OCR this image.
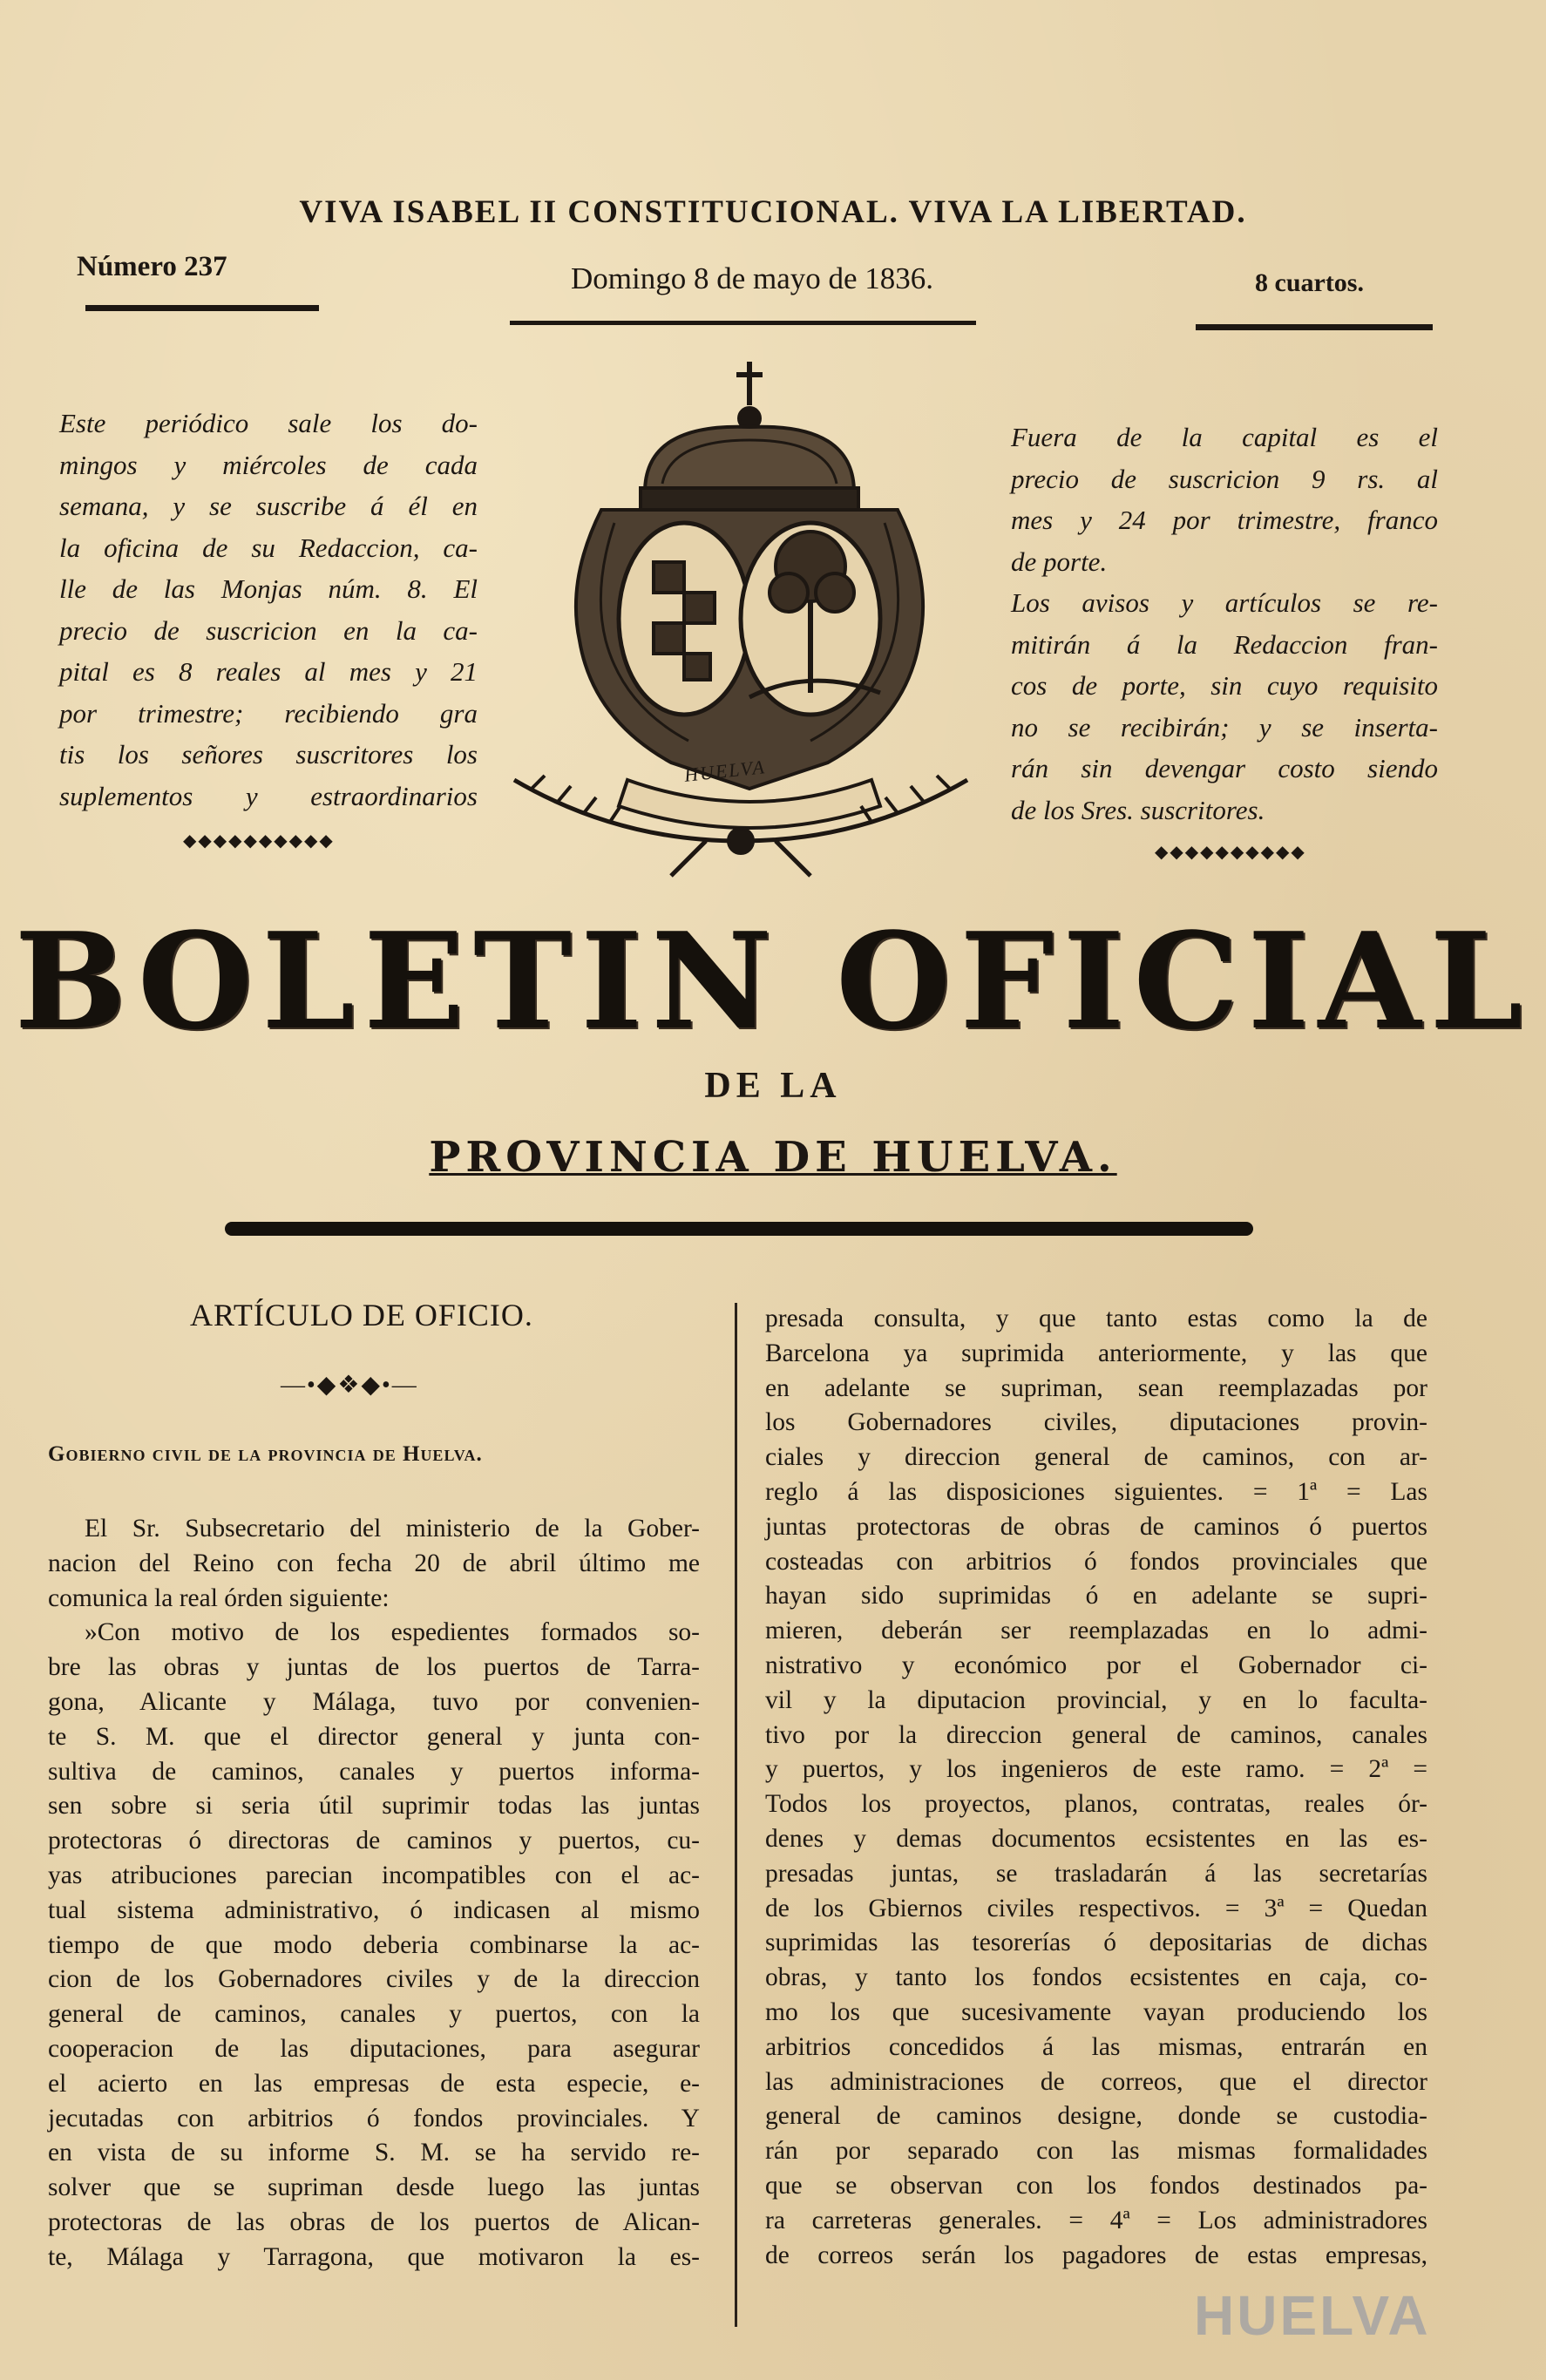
VIVA ISABEL II CONSTITUCIONAL. VIVA LA LIBERTAD.
Número 237	Domingo 8 de mayo de 1836.	8 cuartos.
Este periódico sale los do-
mingos y miércoles de cada
semana, y se suscribe á él en
la oficina de su Redaccion, ca-
lle de las Monjas núm. 8. El
precio de suscricion en la ca-
pital es 8 reales al mes y 21
por trimestre; recibiendo gra
tis los señores suscritores los
suplementos y estraordinarios
◆◆◆◆◆◆◆◆◆◆
Fuera de la capital es el
precio de suscricion 9 rs. al
mes y 24 por trimestre, franco
de porte.
Los avisos y artículos se re-
mitirán á la Redaccion fran-
cos de porte, sin cuyo requisito
no se recibirán; y se inserta-
rán sin devengar costo siendo
de los Sres. suscritores.
◆◆◆◆◆◆◆◆◆◆
HUELVA
BOLETIN OFICIAL
DE LA
PROVINCIA DE HUELVA.
ARTÍCULO DE OFICIO.
—•◆❖◆•—
Gobierno civil de la provincia de Huelva.
El Sr. Subsecretario del ministerio de la Gober-
nacion del Reino con fecha 20 de abril último me
comunica la real órden siguiente:
»Con motivo de los espedientes formados so-
bre las obras y juntas de los puertos de Tarra-
gona, Alicante y Málaga, tuvo por convenien-
te S. M. que el director general y junta con-
sultiva de caminos, canales y puertos informa-
sen sobre si seria útil suprimir todas las juntas
protectoras ó directoras de caminos y puertos, cu-
yas atribuciones parecian incompatibles con el ac-
tual sistema administrativo, ó indicasen al mismo
tiempo de que modo deberia combinarse la ac-
cion de los Gobernadores civiles y de la direccion
general de caminos, canales y puertos, con la
cooperacion de las diputaciones, para asegurar
el acierto en las empresas de esta especie, e-
jecutadas con arbitrios ó fondos provinciales. Y
en vista de su informe S. M. se ha servido re-
solver que se supriman desde luego las juntas
protectoras de las obras de los puertos de Alican-
te, Málaga y Tarragona, que motivaron la es-
presada consulta, y que tanto estas como la de
Barcelona ya suprimida anteriormente, y las que
en adelante se supriman, sean reemplazadas por
los Gobernadores civiles, diputaciones provin-
ciales y direccion general de caminos, con ar-
reglo á las disposiciones siguientes. = 1ª = Las
juntas protectoras de obras de caminos ó puertos
costeadas con arbitrios ó fondos provinciales que
hayan sido suprimidas ó en adelante se supri-
mieren, deberán ser reemplazadas en lo admi-
nistrativo y económico por el Gobernador ci-
vil y la diputacion provincial, y en lo faculta-
tivo por la direccion general de caminos, canales
y puertos, y los ingenieros de este ramo. = 2ª =
Todos los proyectos, planos, contratas, reales ór-
denes y demas documentos ecsistentes en las es-
presadas juntas, se trasladarán á las secretarías
de los Gbiernos civiles respectivos. = 3ª = Quedan
suprimidas las tesorerías ó depositarias de dichas
obras, y tanto los fondos ecsistentes en caja, co-
mo los que sucesivamente vayan produciendo los
arbitrios concedidos á las mismas, entrarán en
las administraciones de correos, que el director
general de caminos designe, donde se custodia-
rán por separado con las mismas formalidades
que se observan con los fondos destinados pa-
ra carreteras generales. = 4ª = Los administradores
de correos serán los pagadores de estas empresas,
HUELVA
